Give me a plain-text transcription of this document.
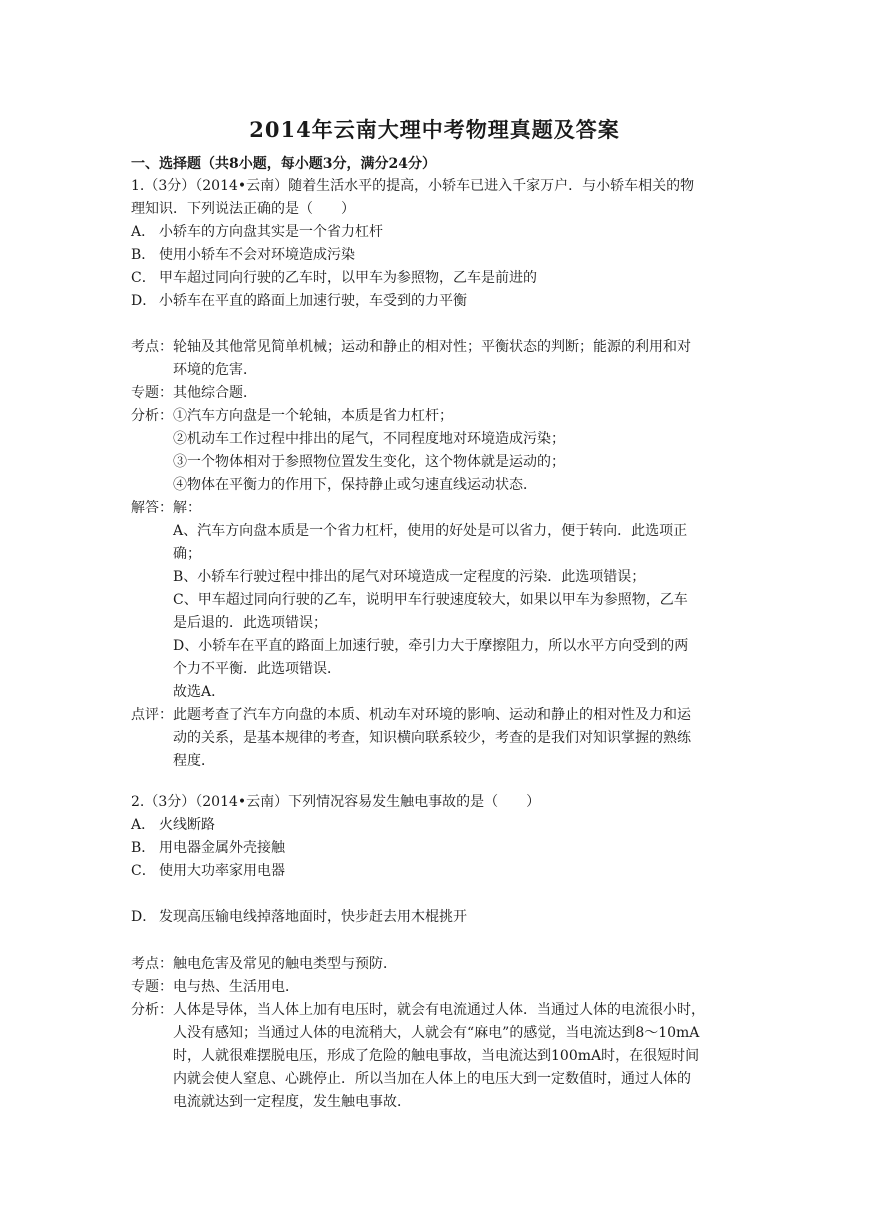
2014年云南大理中考物理真题及答案
一、选择题（共8小题，每小题3分，满分24分）
1.（3分）（2014•云南）随着生活水平的提高，小轿车已进入千家万户．与小轿车相关的物
理知识．下列说法正确的是（　　）
A． 小轿车的方向盘其实是一个省力杠杆
B． 使用小轿车不会对环境造成污染
C． 甲车超过同向行驶的乙车时，以甲车为参照物，乙车是前进的
D． 小轿车在平直的路面上加速行驶，车受到的力平衡
考点：轮轴及其他常见简单机械；运动和静止的相对性；平衡状态的判断；能源的利用和对
环境的危害．
专题：其他综合题．
分析：①汽车方向盘是一个轮轴，本质是省力杠杆；
②机动车工作过程中排出的尾气，不同程度地对环境造成污染；
③一个物体相对于参照物位置发生变化，这个物体就是运动的；
④物体在平衡力的作用下，保持静止或匀速直线运动状态．
解答：解：
A、汽车方向盘本质是一个省力杠杆，使用的好处是可以省力，便于转向．此选项正
确；
B、小轿车行驶过程中排出的尾气对环境造成一定程度的污染．此选项错误；
C、甲车超过同向行驶的乙车，说明甲车行驶速度较大，如果以甲车为参照物，乙车
是后退的．此选项错误；
D、小轿车在平直的路面上加速行驶，牵引力大于摩擦阻力，所以水平方向受到的两
个力不平衡．此选项错误．
故选A．
点评：此题考查了汽车方向盘的本质、机动车对环境的影响、运动和静止的相对性及力和运
动的关系，是基本规律的考查，知识横向联系较少，考查的是我们对知识掌握的熟练
程度．
2.（3分）（2014•云南）下列情况容易发生触电事故的是（　　）
A． 火线断路
B． 用电器金属外壳接触
C． 使用大功率家用电器
D． 发现高压输电线掉落地面时，快步赶去用木棍挑开
考点：触电危害及常见的触电类型与预防．
专题：电与热、生活用电．
分析：人体是导体，当人体上加有电压时，就会有电流通过人体．当通过人体的电流很小时，
人没有感知；当通过人体的电流稍大，人就会有“麻电”的感觉，当电流达到8～10mA
时，人就很难摆脱电压，形成了危险的触电事故，当电流达到100mA时，在很短时间
内就会使人窒息、心跳停止．所以当加在人体上的电压大到一定数值时，通过人体的
电流就达到一定程度，发生触电事故．
